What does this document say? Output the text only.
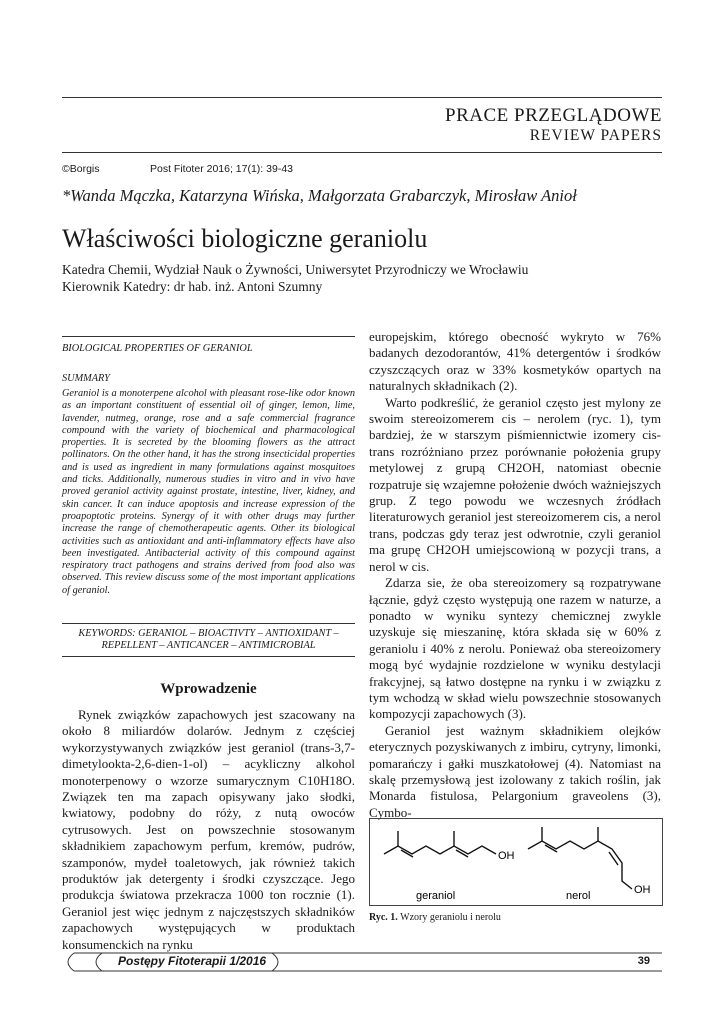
PRACE PRZEGLĄDOWE
REVIEW PAPERS
©Borgis	Post Fitoter 2016; 17(1): 39-43
*Wanda Mączka, Katarzyna Wińska, Małgorzata Grabarczyk, Mirosław Anioł
Właściwości biologiczne geraniolu
Katedra Chemii, Wydział Nauk o Żywności, Uniwersytet Przyrodniczy we Wrocławiu
Kierownik Katedry: dr hab. inż. Antoni Szumny
BIOLOGICAL PROPERTIES OF GERANIOL
SUMMARY
Geraniol is a monoterpene alcohol with pleasant rose-like odor known as an important constituent of essential oil of ginger, lemon, lime, lavender, nutmeg, orange, rose and a safe commercial fragrance compound with the variety of biochemical and pharmacological properties. It is secreted by the blooming flowers as the attract pollinators. On the other hand, it has the strong insecticidal properties and is used as ingredient in many formulations against mosquitoes and ticks. Additionally, numerous studies in vitro and in vivo have proved geraniol activity against prostate, intestine, liver, kidney, and skin cancer. It can induce apoptosis and increase expression of the proapoptotic proteins. Synergy of it with other drugs may further increase the range of chemotherapeutic agents. Other its biological activities such as antioxidant and anti-inflammatory effects have also been investigated. Antibacterial activity of this compound against respiratory tract pathogens and strains derived from food also was observed. This review discuss some of the most important applications of geraniol.
KEYWORDS: GERANIOL – BIOACTIVTY – ANTIOXIDANT – REPELLENT – ANTICANCER – ANTIMICROBIAL
Wprowadzenie

Rynek związków zapachowych jest szacowany na około 8 miliardów dolarów. Jednym z częściej wykorzystywanych związków jest geraniol (trans-3,7-dimetylookta-2,6-dien-1-ol) – acykliczny alkohol monoterpenowy o wzorze sumarycznym C10H18O. Związek ten ma zapach opisywany jako słodki, kwiatowy, podobny do róży, z nutą owoców cytrusowych. Jest on powszechnie stosowanym składnikiem zapachowym perfum, kremów, pudrów, szamponów, mydeł toaletowych, jak również takich produktów jak detergenty i środki czyszczące. Jego produkcja światowa przekracza 1000 ton rocznie (1). Geraniol jest więc jednym z najczęstszych składników zapachowych występujących w produktach konsumenckich na rynku

europejskim, którego obecność wykryto w 76% badanych dezodorantów, 41% detergentów i środków czyszczących oraz w 33% kosmetyków opartych na naturalnych składnikach (2).

Warto podkreślić, że geraniol często jest mylony ze swoim stereoizomerem cis – nerolem (ryc. 1), tym bardziej, że w starszym piśmiennictwie izomery cis-trans rozróżniano przez porównanie położenia grupy metylowej z grupą CH2OH, natomiast obecnie rozpatruje się wzajemne położenie dwóch ważniejszych grup. Z tego powodu we wczesnych źródłach literaturowych geraniol jest stereoizomerem cis, a nerol trans, podczas gdy teraz jest odwrotnie, czyli geraniol ma grupę CH2OH umiejscowioną w pozycji trans, a nerol w cis.

Zdarza sie, że oba stereoizomery są rozpatrywane łącznie, gdyż często występują one razem w naturze, a ponadto w wyniku syntezy chemicznej zwykle uzyskuje się mieszaninę, która składa się w 60% z geraniolu i 40% z nerolu. Ponieważ oba stereoizomery mogą być wydajnie rozdzielone w wyniku destylacji frakcyjnej, są łatwo dostępne na rynku i w związku z tym wchodzą w skład wielu powszechnie stosowanych kompozycji zapachowych (3).

Geraniol jest ważnym składnikiem olejków eterycznych pozyskiwanych z imbiru, cytryny, limonki, pomarańczy i gałki muszkatołowej (4). Natomiast na skalę przemysłową jest izolowany z takich roślin, jak Monarda fistulosa, Pelargonium graveolens (3), Cymbo-

OH
OH
geraniol	nerol
Ryc. 1. Wzory geraniolu i nerolu
Postępy Fitoterapii 1/2016	39
